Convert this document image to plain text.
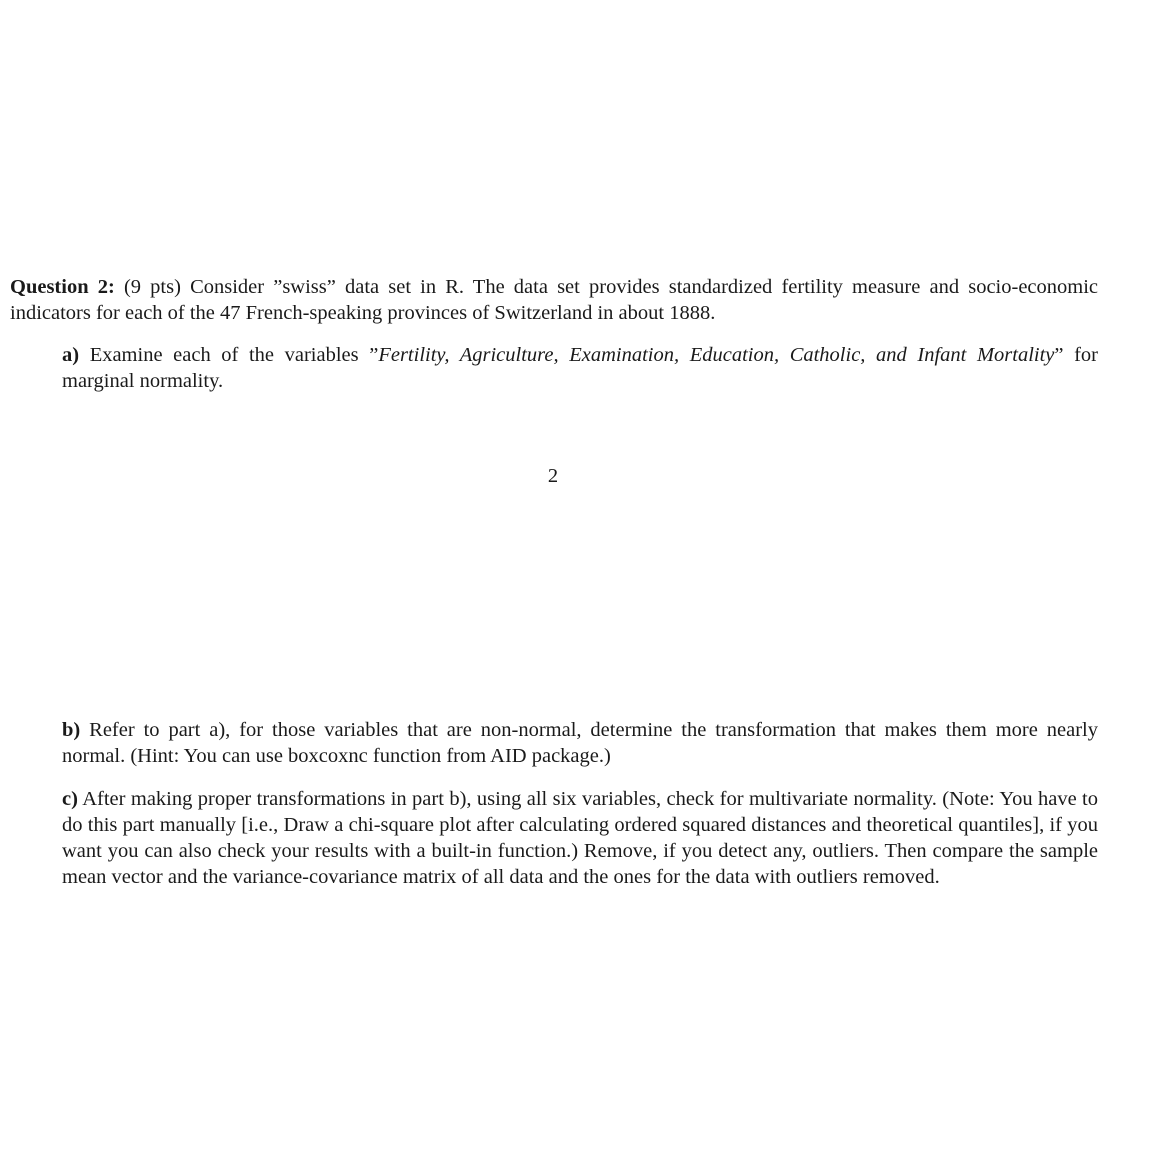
Question 2: (9 pts) Consider ”swiss” data set in R. The data set provides standardized fertility measure and socio-economic indicators for each of the 47 French-speaking provinces of Switzerland in about 1888.
a) Examine each of the variables ”Fertility, Agriculture, Examination, Education, Catholic, and Infant Mortality” for marginal normality.
2
b) Refer to part a), for those variables that are non-normal, determine the transformation that makes them more nearly normal. (Hint: You can use boxcoxnc function from AID package.)
c) After making proper transformations in part b), using all six variables, check for multivariate normality. (Note: You have to do this part manually [i.e., Draw a chi-square plot after calculating ordered squared distances and theoretical quantiles], if you want you can also check your results with a built-in function.) Remove, if you detect any, outliers. Then compare the sample mean vector and the variance-covariance matrix of all data and the ones for the data with outliers removed.
